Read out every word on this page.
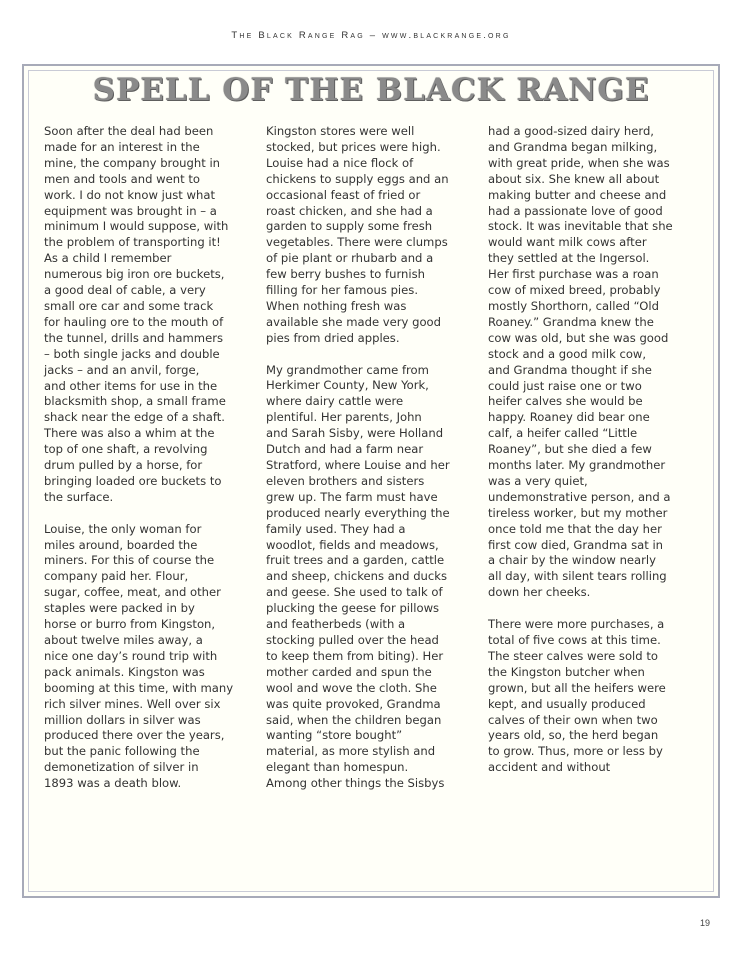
The Black Range Rag – www.blackrange.org
SPELL OF THE BLACK RANGE

Soon after the deal had been
made for an interest in the
mine, the company brought in
men and tools and went to
work. I do not know just what
equipment was brought in – a
minimum I would suppose, with
the problem of transporting it!
As a child I remember
numerous big iron ore buckets,
a good deal of cable, a very
small ore car and some track
for hauling ore to the mouth of
the tunnel, drills and hammers
– both single jacks and double
jacks – and an anvil, forge,
and other items for use in the
blacksmith shop, a small frame
shack near the edge of a shaft.
There was also a whim at the
top of one shaft, a revolving
drum pulled by a horse, for
bringing loaded ore buckets to
the surface.

Louise, the only woman for
miles around, boarded the
miners. For this of course the
company paid her. Flour,
sugar, coffee, meat, and other
staples were packed in by
horse or burro from Kingston,
about twelve miles away, a
nice one day’s round trip with
pack animals. Kingston was
booming at this time, with many
rich silver mines. Well over six
million dollars in silver was
produced there over the years,
but the panic following the
demonetization of silver in
1893 was a death blow.

Kingston stores were well
stocked, but prices were high.
Louise had a nice flock of
chickens to supply eggs and an
occasional feast of fried or
roast chicken, and she had a
garden to supply some fresh
vegetables. There were clumps
of pie plant or rhubarb and a
few berry bushes to furnish
filling for her famous pies.
When nothing fresh was
available she made very good
pies from dried apples.

My grandmother came from
Herkimer County, New York,
where dairy cattle were
plentiful. Her parents, John
and Sarah Sisby, were Holland
Dutch and had a farm near
Stratford, where Louise and her
eleven brothers and sisters
grew up. The farm must have
produced nearly everything the
family used. They had a
woodlot, fields and meadows,
fruit trees and a garden, cattle
and sheep, chickens and ducks
and geese. She used to talk of
plucking the geese for pillows
and featherbeds (with a
stocking pulled over the head
to keep them from biting). Her
mother carded and spun the
wool and wove the cloth. She
was quite provoked, Grandma
said, when the children began
wanting “store bought”
material, as more stylish and
elegant than homespun.
Among other things the Sisbys

had a good-sized dairy herd,
and Grandma began milking,
with great pride, when she was
about six. She knew all about
making butter and cheese and
had a passionate love of good
stock. It was inevitable that she
would want milk cows after
they settled at the Ingersol.
Her first purchase was a roan
cow of mixed breed, probably
mostly Shorthorn, called “Old
Roaney.” Grandma knew the
cow was old, but she was good
stock and a good milk cow,
and Grandma thought if she
could just raise one or two
heifer calves she would be
happy. Roaney did bear one
calf, a heifer called “Little
Roaney”, but she died a few
months later. My grandmother
was a very quiet,
undemonstrative person, and a
tireless worker, but my mother
once told me that the day her
first cow died, Grandma sat in
a chair by the window nearly
all day, with silent tears rolling
down her cheeks.

There were more purchases, a
total of five cows at this time.
The steer calves were sold to
the Kingston butcher when
grown, but all the heifers were
kept, and usually produced
calves of their own when two
years old, so, the herd began
to grow. Thus, more or less by
accident and without

19
